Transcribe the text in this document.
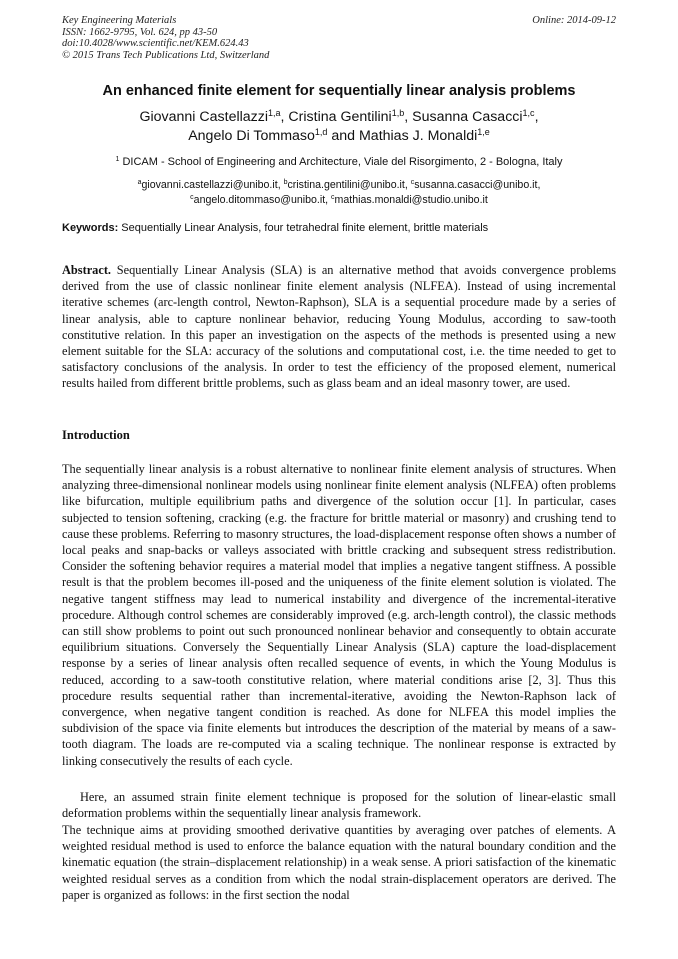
Key Engineering Materials
ISSN: 1662-9795, Vol. 624, pp 43-50
doi:10.4028/www.scientific.net/KEM.624.43
© 2015 Trans Tech Publications Ltd, Switzerland
Online: 2014-09-12
An enhanced finite element for sequentially linear analysis problems
Giovanni Castellazzi$^{1,a}$, Cristina Gentilini$^{1,b}$, Susanna Casacci$^{1,c}$,
Angelo Di Tommaso$^{1,d}$ and Mathias J. Monaldi$^{1,e}$
$^1$ DICAM - School of Engineering and Architecture, Viale del Risorgimento, 2 - Bologna, Italy
$^a$giovanni.castellazzi@unibo.it, $^b$cristina.gentilini@unibo.it, $^c$susanna.casacci@unibo.it,
$^c$angelo.ditommaso@unibo.it, $^c$mathias.monaldi@studio.unibo.it
Keywords: Sequentially Linear Analysis, four tetrahedral finite element, brittle materials
Abstract. Sequentially Linear Analysis (SLA) is an alternative method that avoids convergence problems derived from the use of classic nonlinear finite element analysis (NLFEA). Instead of using incremental iterative schemes (arc-length control, Newton-Raphson), SLA is a sequential procedure made by a series of linear analysis, able to capture nonlinear behavior, reducing Young Modulus, according to saw-tooth constitutive relation. In this paper an investigation on the aspects of the methods is presented using a new element suitable for the SLA: accuracy of the solutions and computational cost, i.e. the time needed to get to satisfactory conclusions of the analysis. In order to test the efficiency of the proposed element, numerical results hailed from different brittle problems, such as glass beam and an ideal masonry tower, are used.
Introduction
The sequentially linear analysis is a robust alternative to nonlinear finite element analysis of structures. When analyzing three-dimensional nonlinear models using nonlinear finite element analysis (NLFEA) often problems like bifurcation, multiple equilibrium paths and divergence of the solution occur [1]. In particular, cases subjected to tension softening, cracking (e.g. the fracture for brittle material or masonry) and crushing tend to cause these problems. Referring to masonry structures, the load-displacement response often shows a number of local peaks and snap-backs or valleys associated with brittle cracking and subsequent stress redistribution. Consider the softening behavior requires a material model that implies a negative tangent stiffness. A possible result is that the problem becomes ill-posed and the uniqueness of the finite element solution is violated. The negative tangent stiffness may lead to numerical instability and divergence of the incremental-iterative procedure. Although control schemes are considerably improved (e.g. arch-length control), the classic methods can still show problems to point out such pronounced nonlinear behavior and consequently to obtain accurate equilibrium situations. Conversely the Sequentially Linear Analysis (SLA) capture the load-displacement response by a series of linear analysis often recalled sequence of events, in which the Young Modulus is reduced, according to a saw-tooth constitutive relation, where material conditions arise [2, 3]. Thus this procedure results sequential rather than incremental-iterative, avoiding the Newton-Raphson lack of convergence, when negative tangent condition is reached. As done for NLFEA this model implies the subdivision of the space via finite elements but introduces the description of the material by means of a saw-tooth diagram. The loads are re-computed via a scaling technique. The nonlinear response is extracted by linking consecutively the results of each cycle.
Here, an assumed strain finite element technique is proposed for the solution of linear-elastic small deformation problems within the sequentially linear analysis framework.
The technique aims at providing smoothed derivative quantities by averaging over patches of elements. A weighted residual method is used to enforce the balance equation with the natural boundary condition and the kinematic equation (the strain–displacement relationship) in a weak sense. A priori satisfaction of the kinematic weighted residual serves as a condition from which the nodal strain-displacement operators are derived. The paper is organized as follows: in the first section the nodal
